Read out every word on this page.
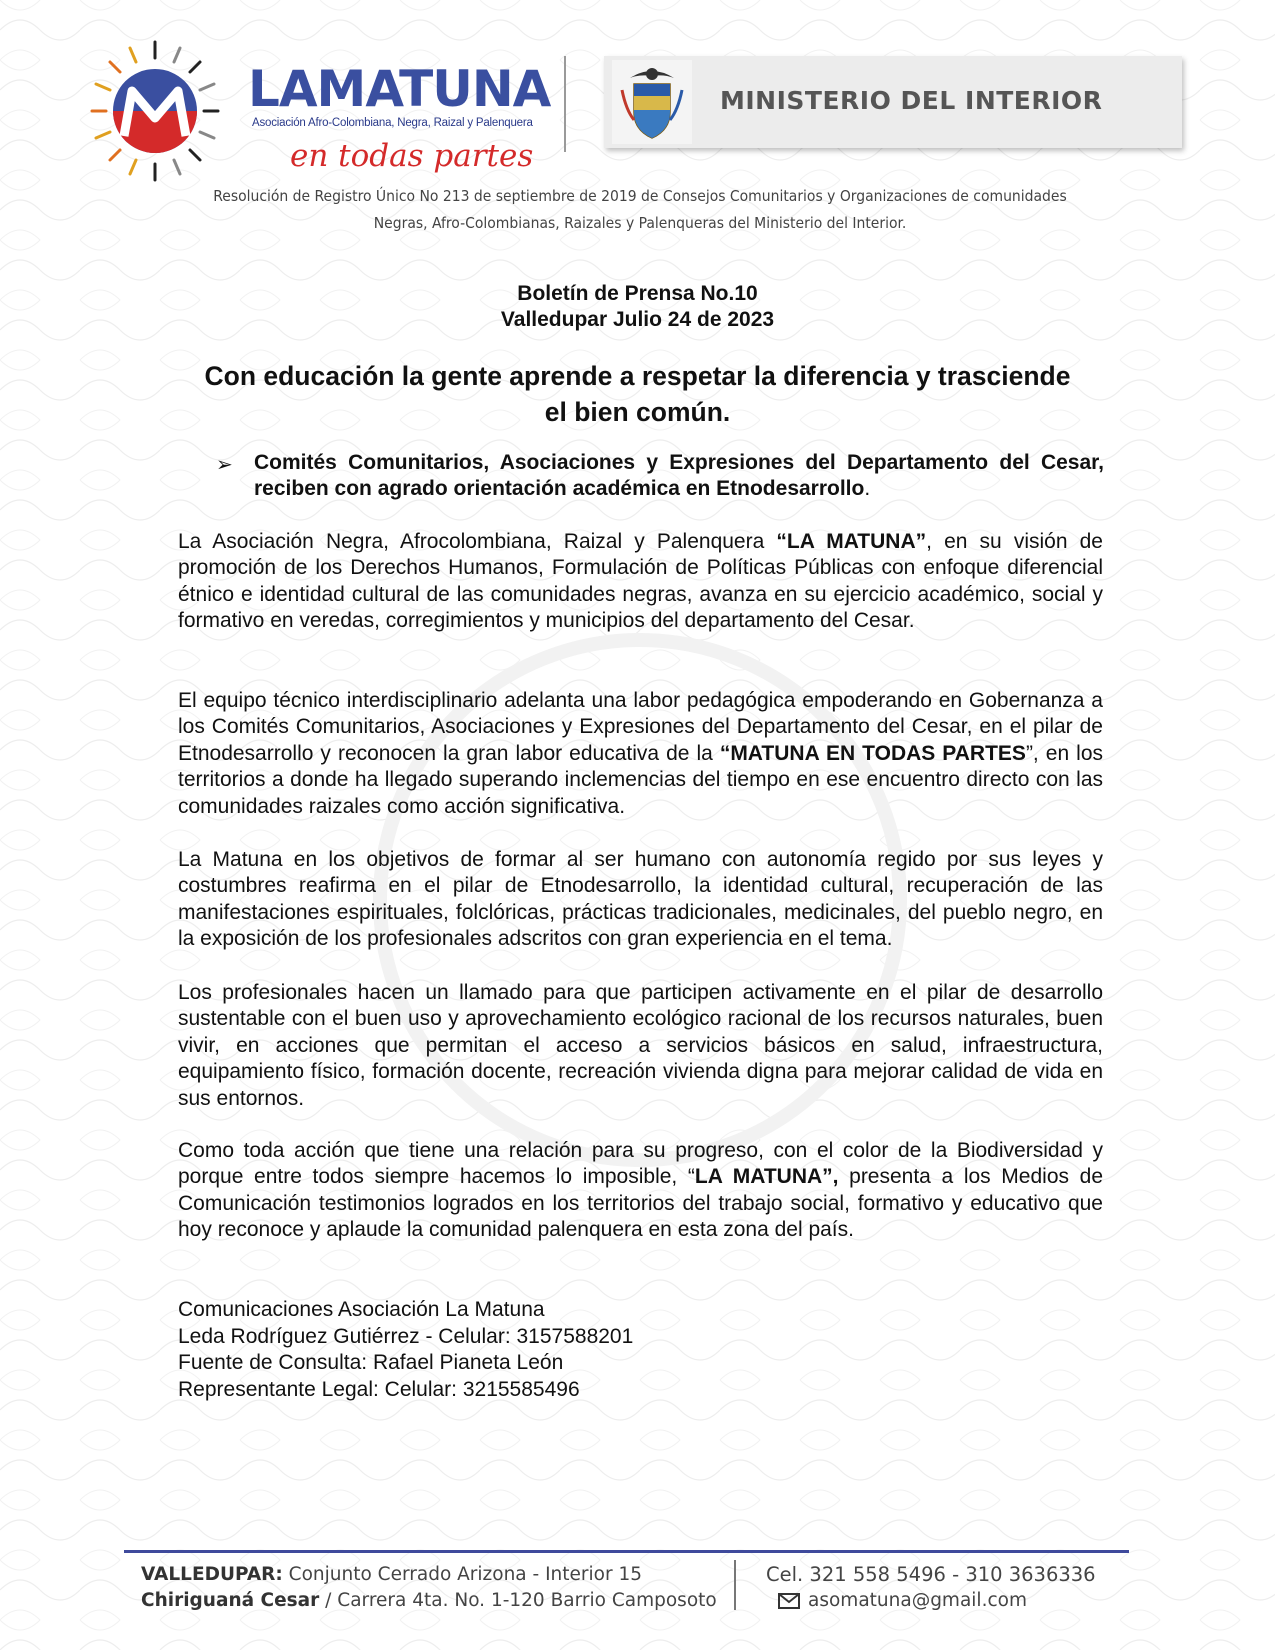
LAMATUNA
Asociación Afro-Colombiana, Negra, Raizal y Palenquera
en todas partes
MINISTERIO DEL INTERIOR
Resolución de Registro Único No 213 de septiembre de 2019 de Consejos Comunitarios y Organizaciones de comunidades
Negras, Afro-Colombianas, Raizales y Palenqueras del Ministerio del Interior.
Boletín de Prensa No.10
Valledupar Julio 24 de 2023
Con educación la gente aprende a respetar la diferencia y trasciende el bien común.
➢ Comités Comunitarios, Asociaciones y Expresiones del Departamento del Cesar, reciben con agrado orientación académica en Etnodesarrollo.
La Asociación Negra, Afrocolombiana, Raizal y Palenquera “LA MATUNA”, en su visión de promoción de los Derechos Humanos, Formulación de Políticas Públicas con enfoque diferencial étnico e identidad cultural de las comunidades negras, avanza en su ejercicio académico, social y formativo en veredas, corregimientos y municipios del departamento del Cesar.
El equipo técnico interdisciplinario adelanta una labor pedagógica empoderando en Gobernanza a los Comités Comunitarios, Asociaciones y Expresiones del Departamento del Cesar, en el pilar de Etnodesarrollo y reconocen la gran labor educativa de la “MATUNA EN TODAS PARTES”, en los territorios a donde ha llegado superando inclemencias del tiempo en ese encuentro directo con las comunidades raizales como acción significativa.
La Matuna en los objetivos de formar al ser humano con autonomía regido por sus leyes y costumbres reafirma en el pilar de Etnodesarrollo, la identidad cultural, recuperación de las manifestaciones espirituales, folclóricas, prácticas tradicionales, medicinales, del pueblo negro, en la exposición de los profesionales adscritos con gran experiencia en el tema.
Los profesionales hacen un llamado para que participen activamente en el pilar de desarrollo sustentable con el buen uso y aprovechamiento ecológico racional de los recursos naturales, buen vivir, en acciones que permitan el acceso a servicios básicos en salud, infraestructura, equipamiento físico, formación docente, recreación vivienda digna para mejorar calidad de vida en sus entornos.
Como toda acción que tiene una relación para su progreso, con el color de la Biodiversidad y porque entre todos siempre hacemos lo imposible, “LA MATUNA”, presenta a los Medios de Comunicación testimonios logrados en los territorios del trabajo social, formativo y educativo que hoy reconoce y aplaude la comunidad palenquera en esta zona del país.
Comunicaciones Asociación La Matuna
Leda Rodríguez Gutiérrez - Celular: 3157588201
Fuente de Consulta: Rafael Pianeta León
Representante Legal: Celular: 3215585496
VALLEDUPAR: Conjunto Cerrado Arizona - Interior 15
Chiriguaná Cesar / Carrera 4ta. No. 1-120 Barrio Camposoto
Cel. 321 558 5496 - 310 3636336
asomatuna@gmail.com
